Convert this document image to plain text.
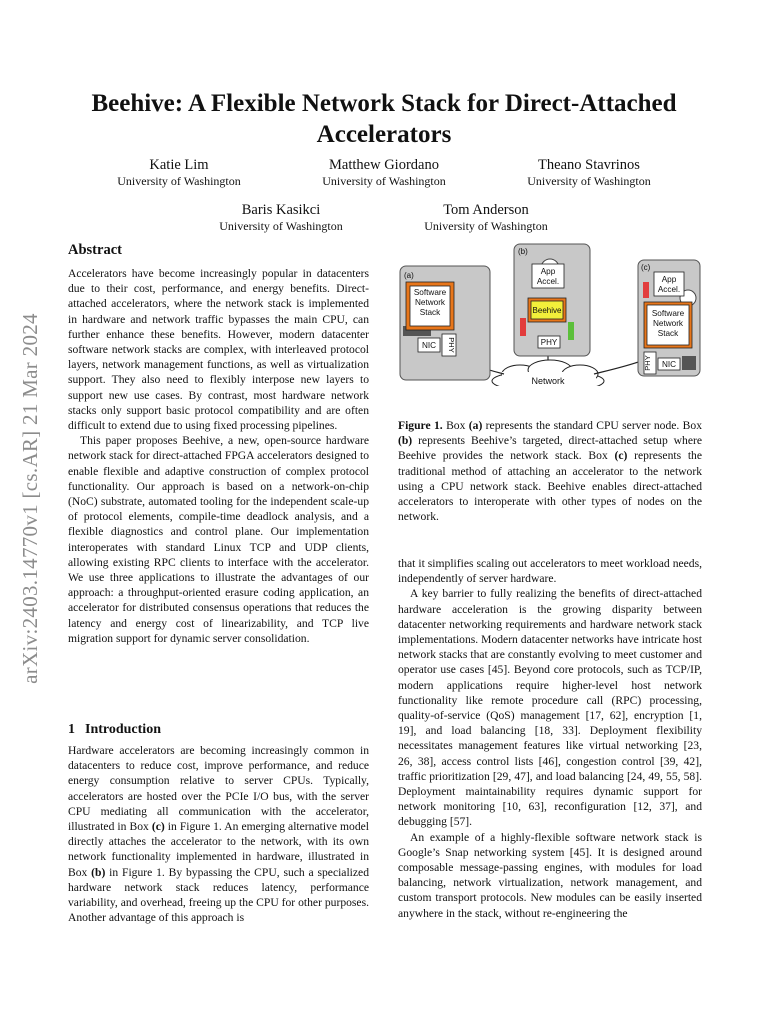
arXiv:2403.14770v1 [cs.AR] 21 Mar 2024
Beehive: A Flexible Network Stack for Direct-Attached Accelerators
Katie Lim
University of Washington
Matthew Giordano
University of Washington
Theano Stavrinos
University of Washington
Baris Kasikci
University of Washington
Tom Anderson
University of Washington
Abstract

Accelerators have become increasingly popular in datacenters due to their cost, performance, and energy benefits. Direct-attached accelerators, where the network stack is implemented in hardware and network traffic bypasses the main CPU, can further enhance these benefits. However, modern datacenter software network stacks are complex, with interleaved protocol layers, network management functions, as well as virtualization support. They also need to flexibly interpose new layers to support new use cases. By contrast, most hardware network stacks only support basic protocol compatibility and are often difficult to extend due to using fixed processing pipelines.

This paper proposes Beehive, a new, open-source hardware network stack for direct-attached FPGA accelerators designed to enable flexible and adaptive construction of complex protocol functionality. Our approach is based on a network-on-chip (NoC) substrate, automated tooling for the independent scale-up of protocol elements, compile-time deadlock analysis, and a flexible diagnostics and control plane. Our implementation interoperates with standard Linux TCP and UDP clients, allowing existing RPC clients to interface with the accelerator. We use three applications to illustrate the advantages of our approach: a throughput-oriented erasure coding application, an accelerator for distributed consensus operations that reduces the latency and energy cost of linearizability, and TCP live migration support for dynamic server consolidation.

1 Introduction

Hardware accelerators are becoming increasingly common in datacenters to reduce cost, improve performance, and reduce energy consumption relative to server CPUs. Typically, accelerators are hosted over the PCIe I/O bus, with the server CPU mediating all communication with the accelerator, illustrated in Box (c) in Figure 1. An emerging alternative model directly attaches the accelerator to the network, with its own network functionality implemented in hardware, illustrated in Box (b) in Figure 1. By bypassing the CPU, such a specialized hardware network stack reduces latency, performance variability, and overhead, freeing up the CPU for other purposes. Another advantage of this approach is

Network
(a)
Software
Network
Stack
NIC PHY
(b)
App
Accel.
Beehive
PHY
(c)
App
Accel.
Software
Network
Stack
PHY NIC

Figure 1. Box (a) represents the standard CPU server node. Box (b) represents Beehive’s targeted, direct-attached setup where Beehive provides the network stack. Box (c) represents the traditional method of attaching an accelerator to the network using a CPU network stack. Beehive enables direct-attached accelerators to interoperate with other types of nodes on the network.

that it simplifies scaling out accelerators to meet workload needs, independently of server hardware.

A key barrier to fully realizing the benefits of direct-attached hardware acceleration is the growing disparity between datacenter networking requirements and hardware network stack implementations. Modern datacenter networks have intricate host network stacks that are constantly evolving to meet customer and operator use cases [45]. Beyond core protocols, such as TCP/IP, modern applications require higher-level host network functionality like remote procedure call (RPC) processing, quality-of-service (QoS) management [17, 62], encryption [1, 19], and load balancing [18, 33]. Deployment flexibility necessitates management features like virtual networking [23, 26, 38], access control lists [46], congestion control [39, 42], traffic prioritization [29, 47], and load balancing [24, 49, 55, 58]. Deployment maintainability requires dynamic support for network monitoring [10, 63], reconfiguration [12, 37], and debugging [57].

An example of a highly-flexible software network stack is Google’s Snap networking system [45]. It is designed around composable message-passing engines, with modules for load balancing, network virtualization, network management, and custom transport protocols. New modules can be easily inserted anywhere in the stack, without re-engineering the
